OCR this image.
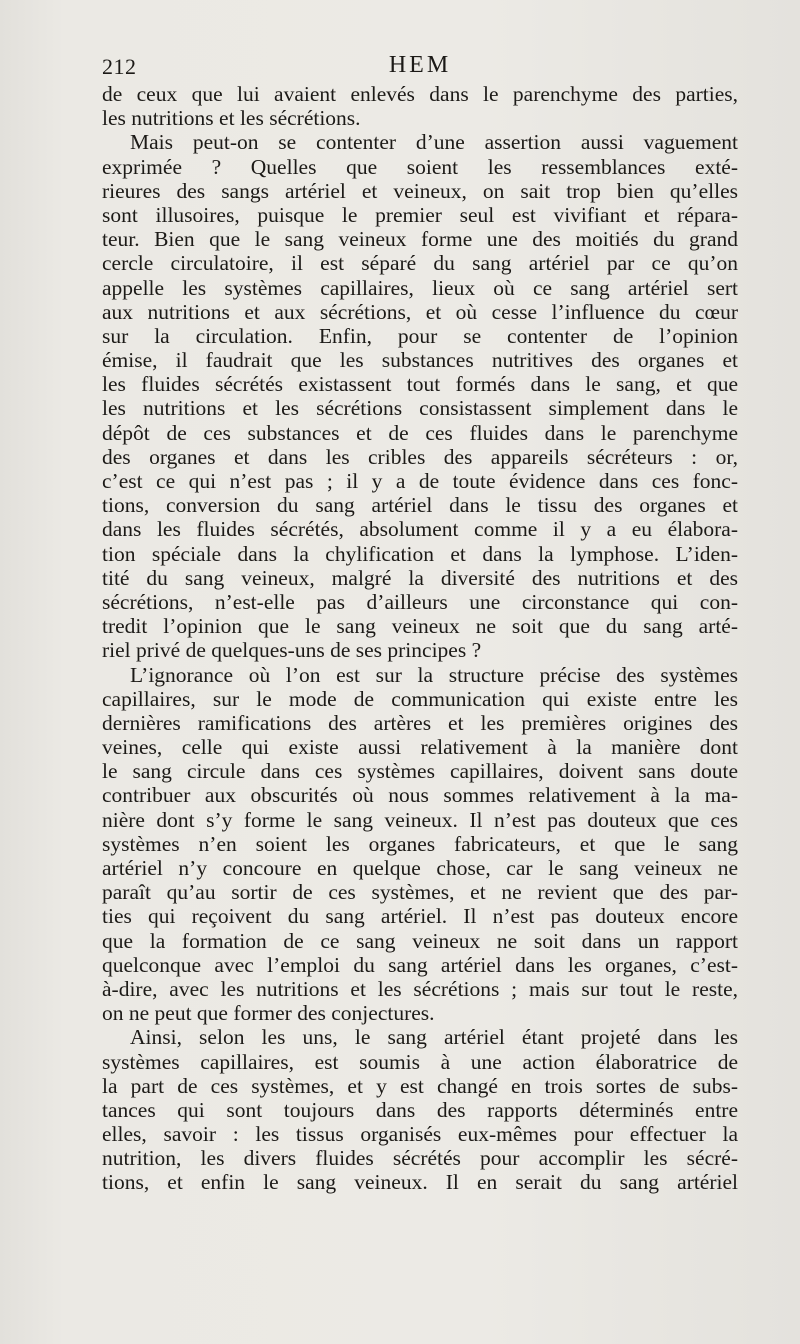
212	HEM
de ceux que lui avaient enlevés dans le parenchyme des parties,
les nutritions et les sécrétions.
Mais peut-on se contenter d’une assertion aussi vaguement
exprimée ? Quelles que soient les ressemblances exté-
rieures des sangs artériel et veineux, on sait trop bien qu’elles
sont illusoires, puisque le premier seul est vivifiant et répara-
teur. Bien que le sang veineux forme une des moitiés du grand
cercle circulatoire, il est séparé du sang artériel par ce qu’on
appelle les systèmes capillaires, lieux où ce sang artériel sert
aux nutritions et aux sécrétions, et où cesse l’influence du cœur
sur la circulation. Enfin, pour se contenter de l’opinion
émise, il faudrait que les substances nutritives des organes et
les fluides sécrétés existassent tout formés dans le sang, et que
les nutritions et les sécrétions consistassent simplement dans le
dépôt de ces substances et de ces fluides dans le parenchyme
des organes et dans les cribles des appareils sécréteurs : or,
c’est ce qui n’est pas ; il y a de toute évidence dans ces fonc-
tions, conversion du sang artériel dans le tissu des organes et
dans les fluides sécrétés, absolument comme il y a eu élabora-
tion spéciale dans la chylification et dans la lymphose. L’iden-
tité du sang veineux, malgré la diversité des nutritions et des
sécrétions, n’est-elle pas d’ailleurs une circonstance qui con-
tredit l’opinion que le sang veineux ne soit que du sang arté-
riel privé de quelques-uns de ses principes ?
L’ignorance où l’on est sur la structure précise des systèmes
capillaires, sur le mode de communication qui existe entre les
dernières ramifications des artères et les premières origines des
veines, celle qui existe aussi relativement à la manière dont
le sang circule dans ces systèmes capillaires, doivent sans doute
contribuer aux obscurités où nous sommes relativement à la ma-
nière dont s’y forme le sang veineux. Il n’est pas douteux que ces
systèmes n’en soient les organes fabricateurs, et que le sang
artériel n’y concoure en quelque chose, car le sang veineux ne
paraît qu’au sortir de ces systèmes, et ne revient que des par-
ties qui reçoivent du sang artériel. Il n’est pas douteux encore
que la formation de ce sang veineux ne soit dans un rapport
quelconque avec l’emploi du sang artériel dans les organes, c’est-
à-dire, avec les nutritions et les sécrétions ; mais sur tout le reste,
on ne peut que former des conjectures.
Ainsi, selon les uns, le sang artériel étant projeté dans les
systèmes capillaires, est soumis à une action élaboratrice de
la part de ces systèmes, et y est changé en trois sortes de subs-
tances qui sont toujours dans des rapports déterminés entre
elles, savoir : les tissus organisés eux-mêmes pour effectuer la
nutrition, les divers fluides sécrétés pour accomplir les sécré-
tions, et enfin le sang veineux. Il en serait du sang artériel
